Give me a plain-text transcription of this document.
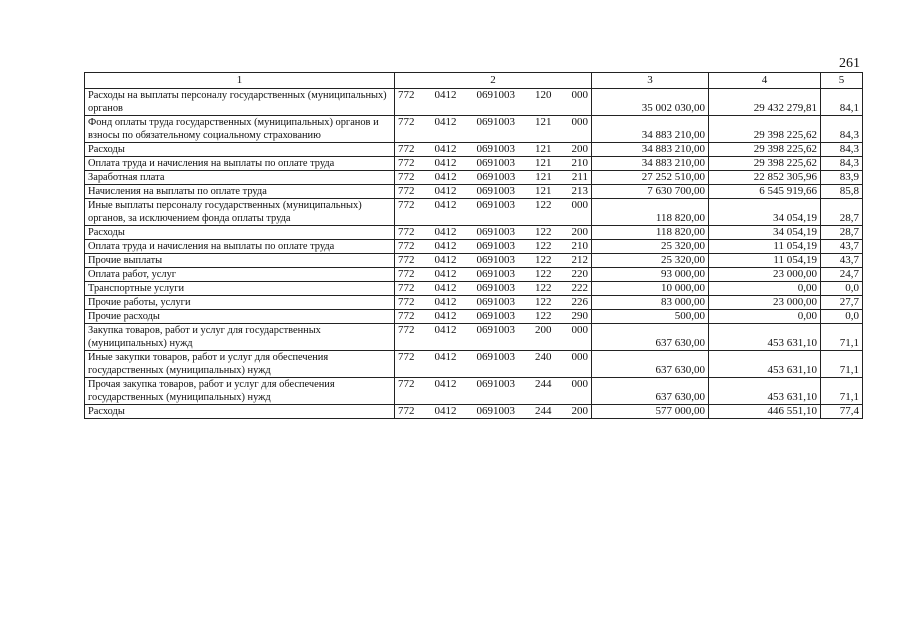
261
1	2	3	4	5
Расходы на выплаты персоналу государственных (муниципальных) органов	772 0412 0691003 120 000	35 002 030,00	29 432 279,81	84,1
Фонд оплаты труда государственных (муниципальных) органов и взносы по обязательному социальному страхованию	772 0412 0691003 121 000	34 883 210,00	29 398 225,62	84,3
Расходы	772 0412 0691003 121 200	34 883 210,00	29 398 225,62	84,3
Оплата труда и начисления на выплаты по оплате труда	772 0412 0691003 121 210	34 883 210,00	29 398 225,62	84,3
Заработная плата	772 0412 0691003 121 211	27 252 510,00	22 852 305,96	83,9
Начисления на выплаты по оплате труда	772 0412 0691003 121 213	7 630 700,00	6 545 919,66	85,8
Иные выплаты персоналу государственных (муниципальных) органов, за исключением фонда оплаты труда	772 0412 0691003 122 000	118 820,00	34 054,19	28,7
Расходы	772 0412 0691003 122 200	118 820,00	34 054,19	28,7
Оплата труда и начисления на выплаты по оплате труда	772 0412 0691003 122 210	25 320,00	11 054,19	43,7
Прочие выплаты	772 0412 0691003 122 212	25 320,00	11 054,19	43,7
Оплата работ, услуг	772 0412 0691003 122 220	93 000,00	23 000,00	24,7
Транспортные услуги	772 0412 0691003 122 222	10 000,00	0,00	0,0
Прочие работы, услуги	772 0412 0691003 122 226	83 000,00	23 000,00	27,7
Прочие расходы	772 0412 0691003 122 290	500,00	0,00	0,0
Закупка товаров, работ и услуг для государственных (муниципальных) нужд	772 0412 0691003 200 000	637 630,00	453 631,10	71,1
Иные закупки товаров, работ и услуг для обеспечения государственных (муниципальных) нужд	772 0412 0691003 240 000	637 630,00	453 631,10	71,1
Прочая закупка товаров, работ и услуг для обеспечения государственных (муниципальных) нужд	772 0412 0691003 244 000	637 630,00	453 631,10	71,1
Расходы	772 0412 0691003 244 200	577 000,00	446 551,10	77,4
